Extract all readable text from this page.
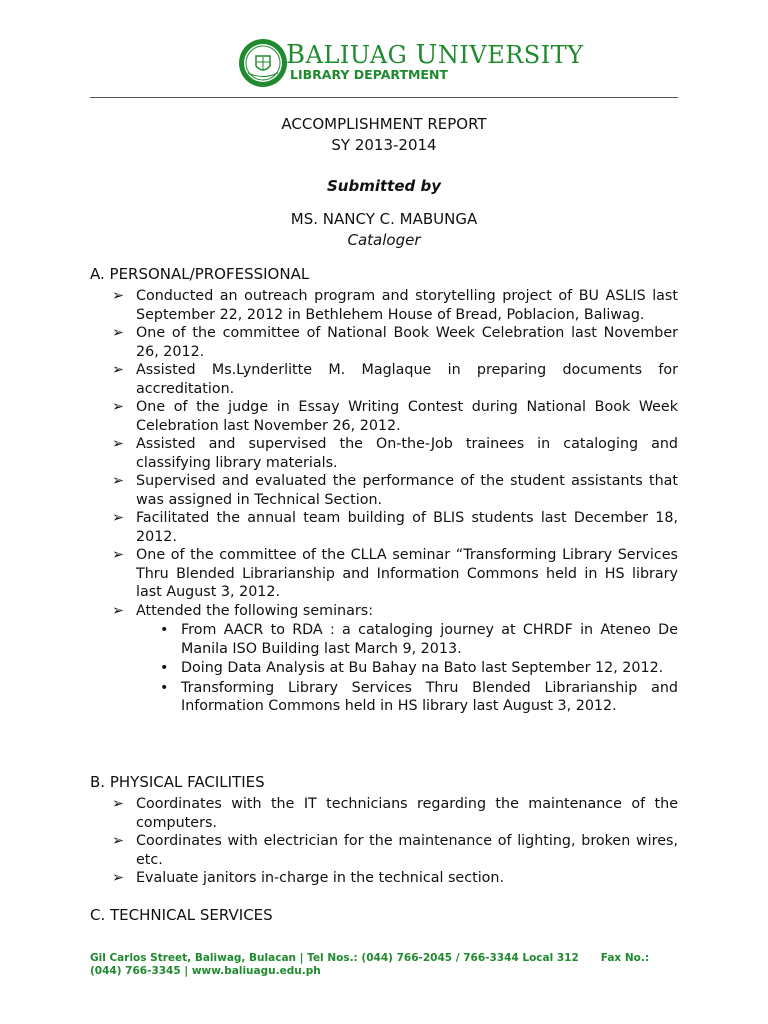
BALIUAG UNIVERSITY
LIBRARY DEPARTMENT
ACCOMPLISHMENT REPORT
SY 2013-2014
Submitted by
MS. NANCY C. MABUNGA
Cataloger
A. PERSONAL/PROFESSIONAL
➢ Conducted an outreach program and storytelling project of BU ASLIS last September 22, 2012 in Bethlehem House of Bread, Poblacion, Baliwag.
➢ One of the committee of National Book Week Celebration last November 26, 2012.
➢ Assisted Ms.Lynderlitte M. Maglaque in preparing documents for accreditation.
➢ One of the judge in Essay Writing Contest during National Book Week Celebration last November 26, 2012.
➢ Assisted and supervised the On-the-Job trainees in cataloging and classifying library materials.
➢ Supervised and evaluated the performance of the student assistants that was assigned in Technical Section.
➢ Facilitated the annual team building of BLIS students last December 18, 2012.
➢ One of the committee of the CLLA seminar “Transforming Library Services Thru Blended Librarianship and Information Commons held in HS library last August 3, 2012.
➢ Attended the following seminars:
• From AACR to RDA : a cataloging journey at CHRDF in Ateneo De Manila ISO Building last March 9, 2013.
• Doing Data Analysis at Bu Bahay na Bato last September 12, 2012.
• Transforming Library Services Thru Blended Librarianship and Information Commons held in HS library last August 3, 2012.
B. PHYSICAL FACILITIES
➢ Coordinates with the IT technicians regarding the maintenance of the computers.
➢ Coordinates with electrician for the maintenance of lighting, broken wires, etc.
➢ Evaluate janitors in-charge in the technical section.
C. TECHNICAL SERVICES
Gil Carlos Street, Baliwag, Bulacan | Tel Nos.: (044) 766-2045 / 766-3344 Local 312 Fax No.: (044) 766-3345 | www.baliuagu.edu.ph
